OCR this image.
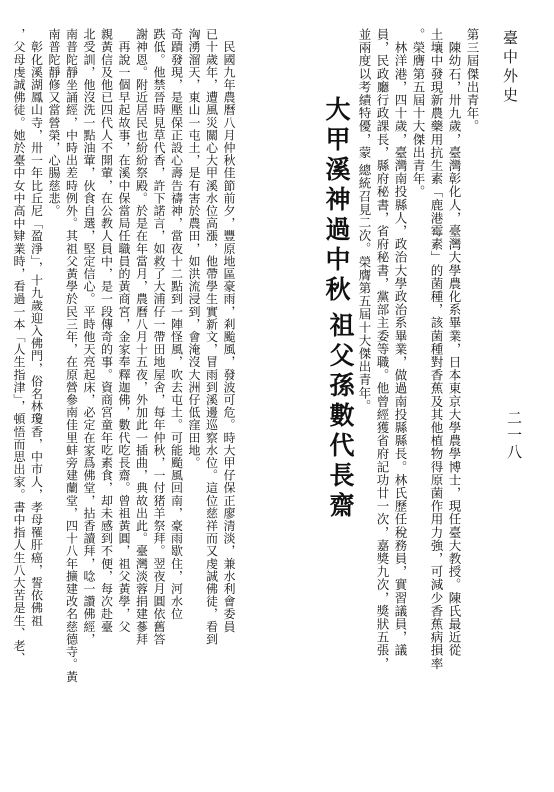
臺中外史
二一八
第三屆傑出青年。
　陳幼石，卅九歲，臺灣彰化人，臺灣大學農化系畢業，日本東京大學農學博士，現任臺大教授。陳氏最近從
土壤中發現新農藥用抗生素「鹿港霉素」的菌種，該菌種對香蕉及其他植物得原菌作用力強，可減少香蕉病損率
。榮膺第五屆十大傑出青年。
　林洋港，四十歲，臺灣南投縣人，政治大學政治系畢業，做過南投縣縣長。林氏歷任稅務員，實習議員，議
員，民政廳行政課長，縣府秘書，省府秘書，黨部主委等職。他曾經獲省府記功廿一次，嘉獎九次，獎狀五張，
並兩度以考績特優，蒙 總統召見二次。榮膺第五屆十大傑出青年。
大甲溪神過中秋
祖父孫數代長齋
　民國九年農曆八月仲秋佳節前夕，豐原地區豪雨，剎颱風，發波可危。時大甲仔保正廖清淡，兼水利會委員
已十歲年，遭風災關心大甲溪水位高漲，他帶學生實新文，冒雨到溪邊巡察水位。這位慈祥而又虔誠佛徒，看到
洶湧溜天，東山一屯土，是有害於農田，如洪流浸到，會淹沒大洲仔低窪田地。
奇蹟發現，是壓保正設心壽告禱神，當夜十二點到一陣怪風，吹去屯土。可能颱風回南，豪雨歇住，河水位
跌低。他禁晉時見草代香，許下諾言，如救了大浦仔一帶田地屋舍，每年仲秋，一付猪羊祭拜。翌夜月圓依舊答
謝神恩。附近居民也紛紛祭殿。於是在年當月，農曆八月十五夜，外加此一插曲，典故出此。臺灣淡蓉捐建蔘拜
　再說一個早起故事，在溪中保當局任職員的黃商宮，金家奉釋迦佛，數代吃長齋。曾祖黃圓，祖父黃學，父
親黃信及他已四代人不開葷，在公教人員中，是一段傳奇的事。資商宮童年吃素食，却未感到不便，每次赴臺
北受訓，他沒洗一點油葷，伙食自選，堅定信心。平時他天亮起床，必定在家爲佛堂，拈香讀拜，唸一讚佛經，
南普陀靜坐誦經，中時出差時例外。其祖父黃學於民三年，在原營參南佳里蚌旁建蘭堂，四十八年擴建改名慈德寺。黃
南普陀靜修又當營榮，心腸慈悲。
　彰化溪湖鳳山寺，卅一年比丘尼「盈淨」，十九歲迎入佛門，俗名林瓊香，中市人，孝母罹肝癌，誓依佛祖
，父母虔誠佛徒。她於臺中女中高中肄業時，看過一本「人生指津」，頓悟而思出家。書中指人生八大苦是生、老、
